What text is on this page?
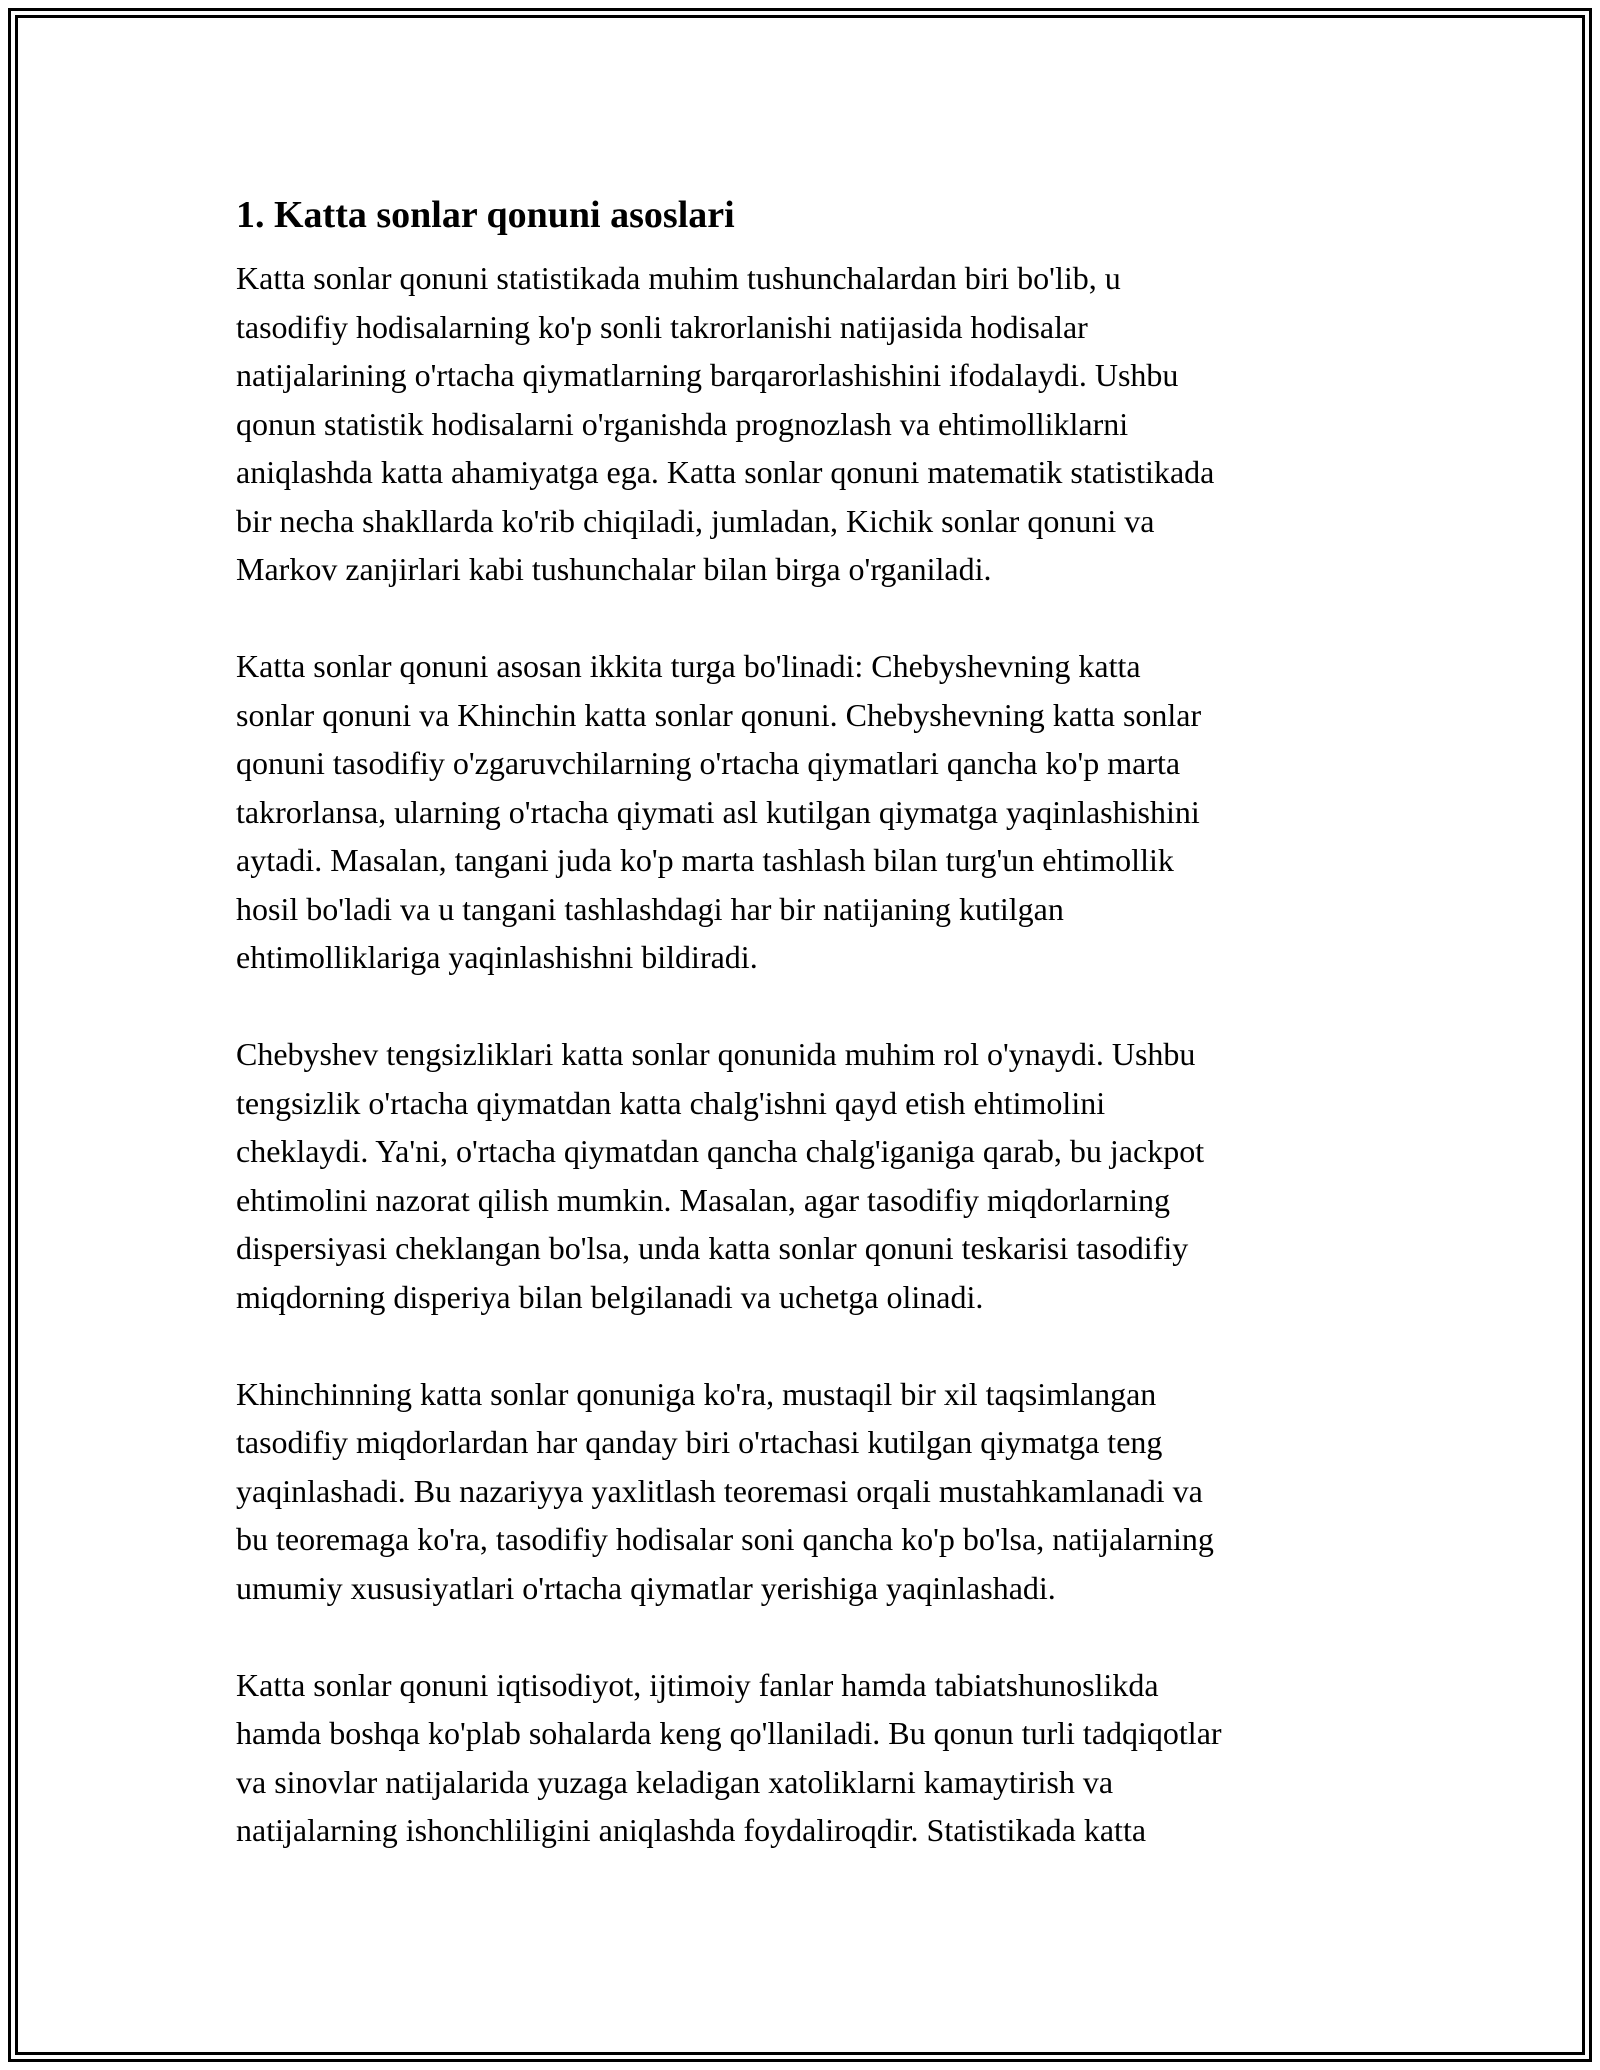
1. Katta sonlar qonuni asoslari

Katta sonlar qonuni statistikada muhim tushunchalardan biri bo'lib, u
tasodifiy hodisalarning ko'p sonli takrorlanishi natijasida hodisalar
natijalarining o'rtacha qiymatlarning barqarorlashishini ifodalaydi. Ushbu
qonun statistik hodisalarni o'rganishda prognozlash va ehtimolliklarni
aniqlashda katta ahamiyatga ega. Katta sonlar qonuni matematik statistikada
bir necha shakllarda ko'rib chiqiladi, jumladan, Kichik sonlar qonuni va
Markov zanjirlari kabi tushunchalar bilan birga o'rganiladi.

Katta sonlar qonuni asosan ikkita turga bo'linadi: Chebyshevning katta
sonlar qonuni va Khinchin katta sonlar qonuni. Chebyshevning katta sonlar
qonuni tasodifiy o'zgaruvchilarning o'rtacha qiymatlari qancha ko'p marta
takrorlansa, ularning o'rtacha qiymati asl kutilgan qiymatga yaqinlashishini
aytadi. Masalan, tangani juda ko'p marta tashlash bilan turg'un ehtimollik
hosil bo'ladi va u tangani tashlashdagi har bir natijaning kutilgan
ehtimolliklariga yaqinlashishni bildiradi.

Chebyshev tengsizliklari katta sonlar qonunida muhim rol o'ynaydi. Ushbu
tengsizlik o'rtacha qiymatdan katta chalg'ishni qayd etish ehtimolini
cheklaydi. Ya'ni, o'rtacha qiymatdan qancha chalg'iganiga qarab, bu jackpot
ehtimolini nazorat qilish mumkin. Masalan, agar tasodifiy miqdorlarning
dispersiyasi cheklangan bo'lsa, unda katta sonlar qonuni teskarisi tasodifiy
miqdorning disperiya bilan belgilanadi va uchetga olinadi.

Khinchinning katta sonlar qonuniga ko'ra, mustaqil bir xil taqsimlangan
tasodifiy miqdorlardan har qanday biri o'rtachasi kutilgan qiymatga teng
yaqinlashadi. Bu nazariyya yaxlitlash teoremasi orqali mustahkamlanadi va
bu teoremaga ko'ra, tasodifiy hodisalar soni qancha ko'p bo'lsa, natijalarning
umumiy xususiyatlari o'rtacha qiymatlar yerishiga yaqinlashadi.

Katta sonlar qonuni iqtisodiyot, ijtimoiy fanlar hamda tabiatshunoslikda
hamda boshqa ko'plab sohalarda keng qo'llaniladi. Bu qonun turli tadqiqotlar
va sinovlar natijalarida yuzaga keladigan xatoliklarni kamaytirish va
natijalarning ishonchliligini aniqlashda foydaliroqdir. Statistikada katta
